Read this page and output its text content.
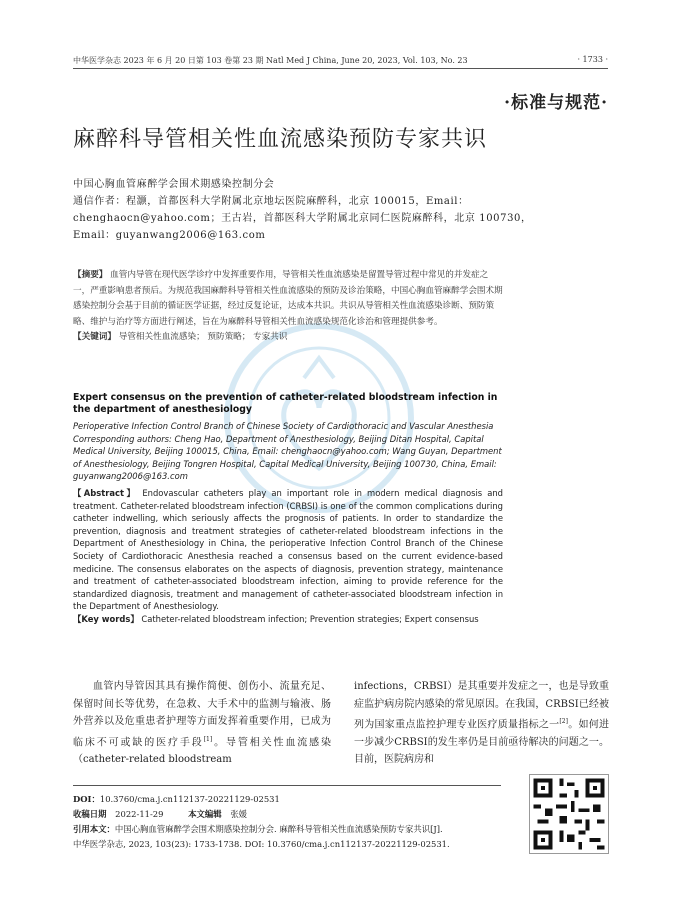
中华医学杂志 2023 年 6 月 20 日第 103 卷第 23 期 Natl Med J China, June 20, 2023, Vol. 103, No. 23	· 1733 ·
·标准与规范·
麻醉科导管相关性血流感染预防专家共识
中国心胸血管麻醉学会围术期感染控制分会
通信作者：程灏，首都医科大学附属北京地坛医院麻醉科，北京 100015，Email：
chenghaocn@yahoo.com；王古岩，首都医科大学附属北京同仁医院麻醉科，北京 100730，
Email：guyanwang2006@163.com
【摘要】 血管内导管在现代医学诊疗中发挥重要作用，导管相关性血流感染是留置导管过程中常见的并发症之一，严重影响患者预后。为规范我国麻醉科导管相关性血流感染的预防及诊治策略，中国心胸血管麻醉学会围术期感染控制分会基于目前的循证医学证据，经过反复论证，达成本共识。共识从导管相关性血流感染诊断、预防策略、维护与治疗等方面进行阐述，旨在为麻醉科导管相关性血流感染规范化诊治和管理提供参考。
【关键词】 导管相关性血流感染； 预防策略； 专家共识
Expert consensus on the prevention of catheter-related bloodstream infection in the department of anesthesiology
Perioperative Infection Control Branch of Chinese Society of Cardiothoracic and Vascular Anesthesia
Corresponding authors: Cheng Hao, Department of Anesthesiology, Beijing Ditan Hospital, Capital Medical University, Beijing 100015, China, Email: chenghaocn@yahoo.com; Wang Guyan, Department of Anesthesiology, Beijing Tongren Hospital, Capital Medical University, Beijing 100730, China, Email: guyanwang2006@163.com
【Abstract】 Endovascular catheters play an important role in modern medical diagnosis and treatment. Catheter-related bloodstream infection (CRBSI) is one of the common complications during catheter indwelling, which seriously affects the prognosis of patients. In order to standardize the prevention, diagnosis and treatment strategies of catheter-related bloodstream infections in the Department of Anesthesiology in China, the perioperative Infection Control Branch of the Chinese Society of Cardiothoracic Anesthesia reached a consensus based on the current evidence-based medicine. The consensus elaborates on the aspects of diagnosis, prevention strategy, maintenance and treatment of catheter-associated bloodstream infection, aiming to provide reference for the standardized diagnosis, treatment and management of catheter-associated bloodstream infection in the Department of Anesthesiology.
【Key words】 Catheter-related bloodstream infection; Prevention strategies; Expert consensus
血管内导管因其具有操作简便、创伤小、流量充足、保留时间长等优势，在急救、大手术中的监测与输液、肠外营养以及危重患者护理等方面发挥着重要作用，已成为临床不可或缺的医疗手段[1]。导管相关性血流感染（catheter-related bloodstream
infections，CRBSI）是其重要并发症之一，也是导致重症监护病房院内感染的常见原因。在我国，CRBSI已经被列为国家重点监控护理专业医疗质量指标之一[2]。如何进一步减少CRBSI的发生率仍是目前亟待解决的问题之一。目前，医院病房和
DOI：10.3760/cma.j.cn112137-20221129-02531
收稿日期 2022-11-29	本文编辑 张媛
引用本文：中国心胸血管麻醉学会围术期感染控制分会. 麻醉科导管相关性血流感染预防专家共识[J].
中华医学杂志, 2023, 103(23): 1733-1738. DOI: 10.3760/cma.j.cn112137-20221129-02531.
